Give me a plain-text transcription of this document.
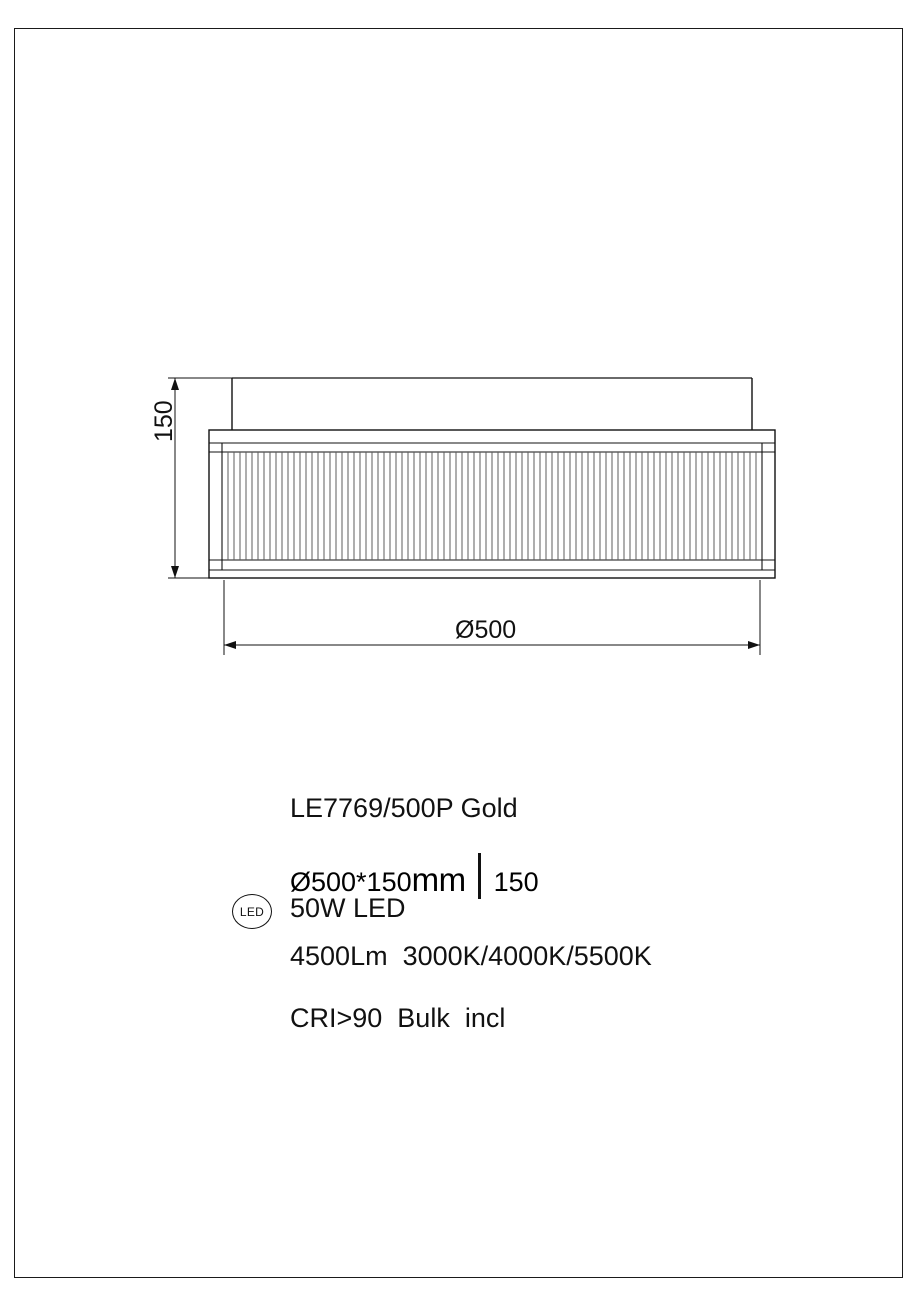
150
Ø500
LE7769/500P Gold
Ø500*150 mm 150
LED 50W LED
4500Lm  3000K/4000K/5500K
CRI>90  Bulk  incl
